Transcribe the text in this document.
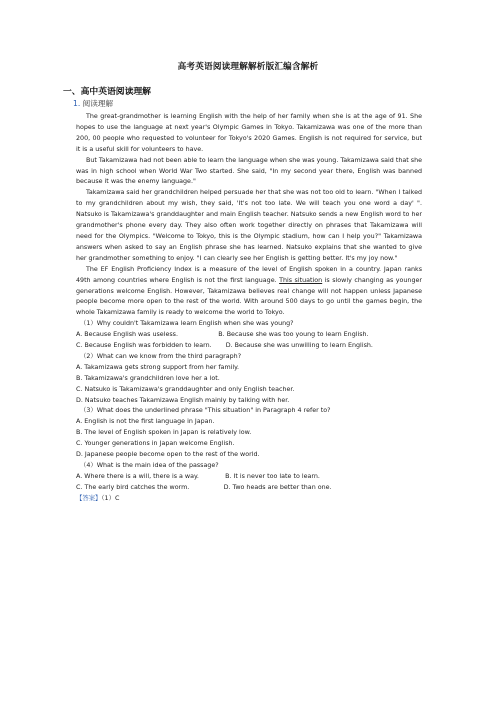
高考英语阅读理解解析版汇编含解析
一、高中英语阅读理解
1. 阅读理解

The great-grandmother is learning English with the help of her family when she is at the age of 91. She hopes to use the language at next year's Olympic Games in Tokyo. Takamizawa was one of the more than 200, 00 people who requested to volunteer for Tokyo's 2020 Games. English is not required for service, but it is a useful skill for volunteers to have.

But Takamizawa had not been able to learn the language when she was young. Takamizawa said that she was in high school when World War Two started. She said, "In my second year there, English was banned because it was the enemy language."

Takamizawa said her grandchildren helped persuade her that she was not too old to learn. "When I talked to my grandchildren about my wish, they said, 'It's not too late. We will teach you one word a day' ". Natsuko is Takamizawa's granddaughter and main English teacher. Natsuko sends a new English word to her grandmother's phone every day. They also often work together directly on phrases that Takamizawa will need for the Olympics. "Welcome to Tokyo, this is the Olympic stadium, how can I help you?" Takamizawa answers when asked to say an English phrase she has learned. Natsuko explains that she wanted to give her grandmother something to enjoy. "I can clearly see her English is getting better. It's my joy now."

The EF English Proficiency Index is a measure of the level of English spoken in a country. Japan ranks 49th among countries where English is not the first language. This situation is slowly changing as younger generations welcome English. However, Takamizawa believes real change will not happen unless Japanese people become more open to the rest of the world. With around 500 days to go until the games begin, the whole Takamizawa family is ready to welcome the world to Tokyo.

（1）Why couldn't Takamizawa learn English when she was young?
A. Because English was useless.                    B. Because she was too young to learn English.
C. Because English was forbidden to learn.       D. Because she was unwilling to learn English.
（2）What can we know from the third paragraph?
A. Takamizawa gets strong support from her family.
B. Takamizawa's grandchildren love her a lot.
C. Natsuko is Takamizawa's granddaughter and only English teacher.
D. Natsuko teaches Takamizawa English mainly by talking with her.
（3）What does the underlined phrase "This situation" in Paragraph 4 refer to?
A. English is not the first language in Japan.
B. The level of English spoken in Japan is relatively low.
C. Younger generations in Japan welcome English.
D. Japanese people become open to the rest of the world.
（4）What is the main idea of the passage?
A. Where there is a will, there is a way.             B. It is never too late to learn.
C. The early bird catches the worm.                 D. Two heads are better than one.
【答案】（1）C
